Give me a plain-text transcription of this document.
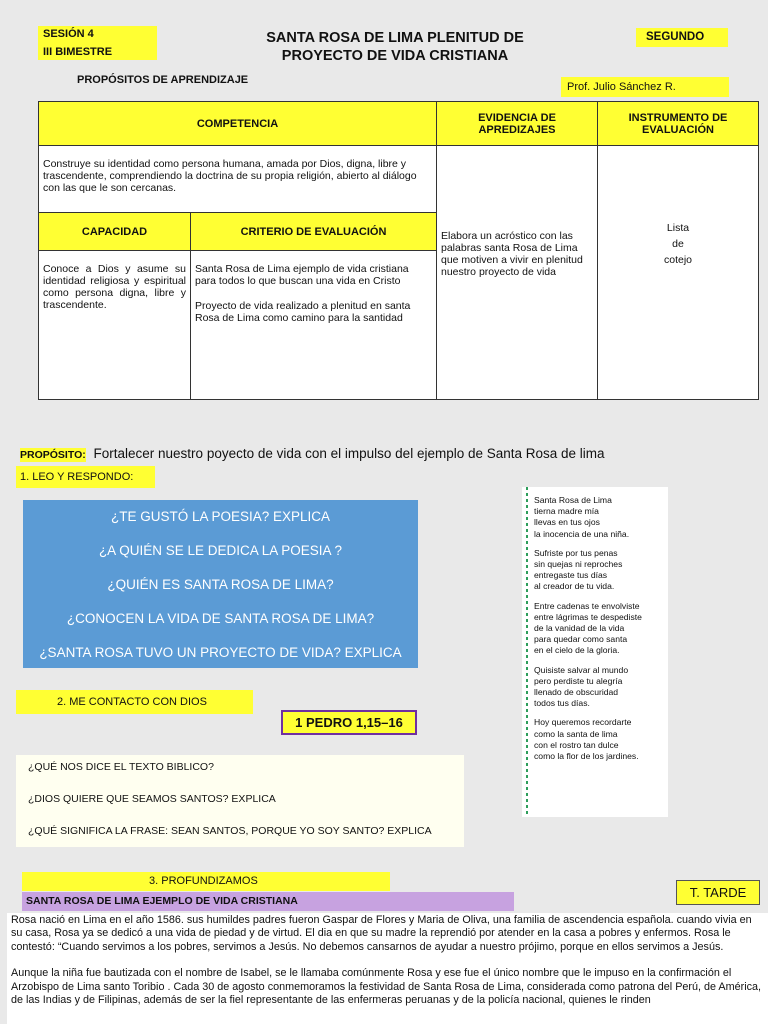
SESIÓN 4
III BIMESTRE
SANTA ROSA DE LIMA PLENITUD DE
PROYECTO DE VIDA CRISTIANA
SEGUNDO
PROPÓSITOS DE APRENDIZAJE
Prof. Julio Sánchez R.
COMPETENCIA		EVIDENCIA DE APREDIZAJES	INSTRUMENTO DE EVALUACIÓN
Construye su identidad como persona humana, amada por Dios, digna, libre y trascendente, comprendiendo la doctrina de su propia religión, abierto al diálogo con las que le son cercanas.		Elabora un acróstico con las palabras santa Rosa de Lima que motiven a vivir en plenitud nuestro proyecto de vida	Lista
de
cotejo

CAPACIDAD	CRITERIO DE EVALUACIÓN		
Conoce a Dios y asume su identidad religiosa y espiritual como persona digna, libre y trascendente.	Santa Rosa de Lima ejemplo de vida cristiana para todos lo que buscan una vida en Cristo
Proyecto de vida realizado a plenitud en santa Rosa de Lima como camino para la santidad		
PROPÓSITO: Fortalecer nuestro poyecto de vida con el impulso del ejemplo de Santa Rosa de lima
1. LEO Y RESPONDO:
¿TE GUSTÓ LA POESIA? EXPLICA
¿A QUIÉN SE LE DEDICA LA POESIA ?
¿QUIÉN ES SANTA ROSA DE LIMA?
¿CONOCEN LA VIDA DE SANTA ROSA DE LIMA?
¿SANTA ROSA TUVO UN PROYECTO DE VIDA? EXPLICA
Santa Rosa de Lima
tierna madre mía
llevas en tus ojos
la inocencia de una niña.
Sufriste por tus penas
sin quejas ni reproches
entregaste tus días
al creador de tu vida.
Entre cadenas te envolviste
entre lágrimas te despediste
de la vanidad de la vida
para quedar como santa
en el cielo de la gloria.
Quisiste salvar al mundo
pero perdiste tu alegría
llenado de obscuridad
todos tus días.
Hoy queremos recordarte
como la santa de lima
con el rostro tan dulce
como la flor de los jardines.
2. ME CONTACTO CON DIOS
1 PEDRO 1,15–16
¿QUÉ NOS DICE EL TEXTO BIBLICO?
¿DIOS QUIERE QUE SEAMOS SANTOS? EXPLICA
¿QUÉ SIGNIFICA LA FRASE: SEAN SANTOS, PORQUE YO SOY SANTO? EXPLICA
3. PROFUNDIZAMOS
SANTA ROSA DE LIMA EJEMPLO DE VIDA CRISTIANA
T. TARDE

Rosa nació en Lima en el año 1586. sus humildes padres fueron Gaspar de Flores y Maria de Oliva, una familia de ascendencia española. cuando vivia en su casa, Rosa ya se dedicó a una vida de piedad y de virtud. El dia en que su madre la reprendió por atender en la casa a pobres y enfermos. Rosa le contestó: “Cuando servimos a los pobres, servimos a Jesús. No debemos cansarnos de ayudar a nuestro prójimo, porque en ellos servimos a Jesús.

Aunque la niña fue bautizada con el nombre de Isabel, se le llamaba comúnmente Rosa y ese fue el único nombre que le impuso en la confirmación el Arzobispo de Lima santo Toribio . Cada 30 de agosto conmemoramos la festividad de Santa Rosa de Lima, considerada como patrona del Perú, de América, de las Indias y de Filipinas, además de ser la fiel representante de las enfermeras peruanas y de la policía nacional, quienes le rinden
